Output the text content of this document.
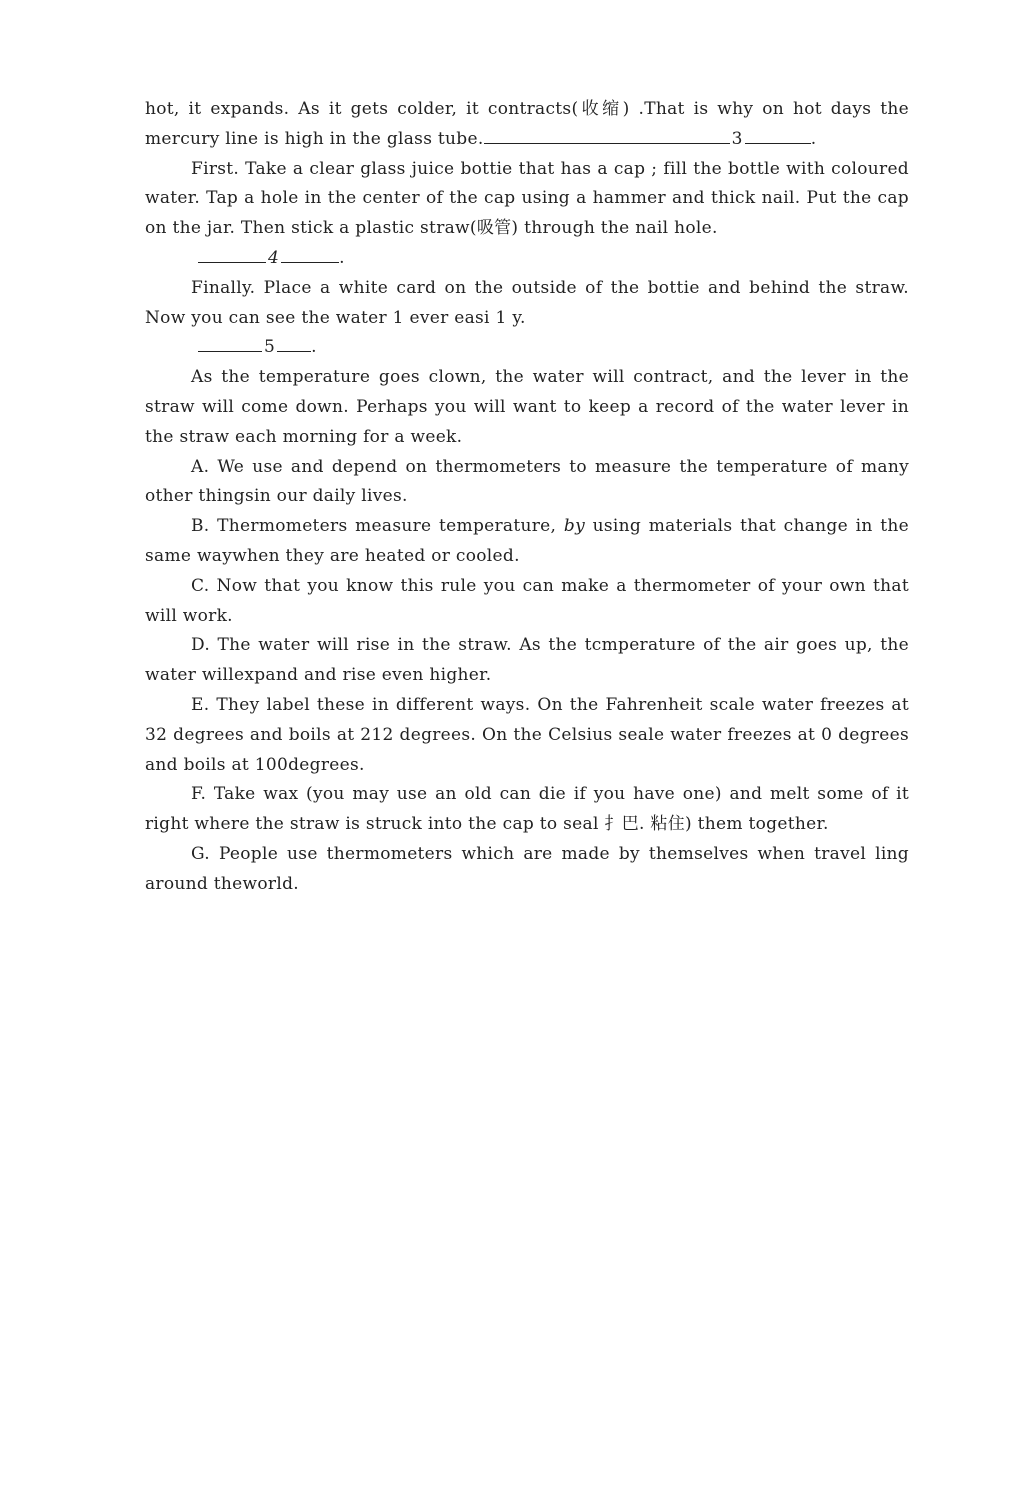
hot, it expands. As it gets colder, it contracts(收缩) .That is why on hot days the mercury line is high in the glass tube.	3	.

First. Take a clear glass juice bottie that has a cap ; fill the bottle with coloured water. Tap a hole in the center of the cap using a hammer and thick nail. Put the cap on the jar. Then stick a plastic straw(吸管) through the nail hole.

4	.

Finally. Place a white card on the outside of the bottie and behind the straw. Now you can see the water 1 ever easi 1 y.

5 .

As the temperature goes clown, the water will contract, and the lever in the straw will come down. Perhaps you will want to keep a record of the water lever in the straw each morning for a week.

A. We use and depend on thermometers to measure the temperature of many other thingsin our daily lives.

B. Thermometers measure temperature, by using materials that change in the same waywhen they are heated or cooled.

C. Now that you know this rule you can make a thermometer of your own that will work.

D. The water will rise in the straw. As the tcmperature of the air goes up, the water willexpand and rise even higher.

E. They label these in different ways. On the Fahrenheit scale water freezes at 32 degrees and boils at 212 degrees. On the Celsius seale water freezes at 0 degrees and boils at 100degrees.

F. Take wax (you may use an old can die if you have one) and melt some of it right where the straw is struck into the cap to seal 扌巴. 粘住) them together.

G. People use thermometers which are made by themselves when travel ling around theworld.
